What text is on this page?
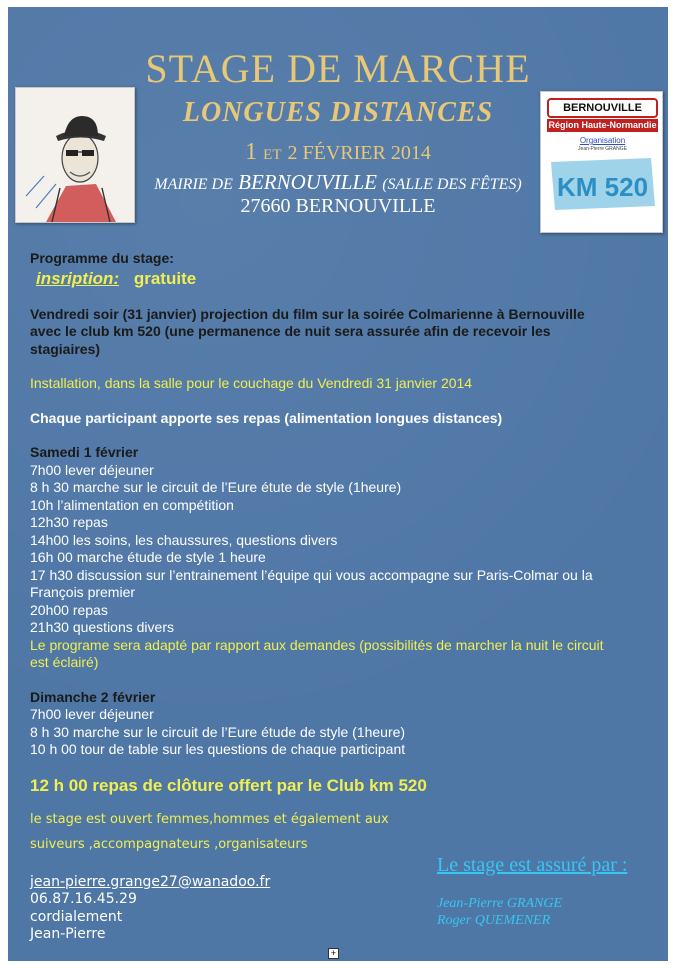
STAGE DE MARCHE
LONGUES DISTANCES
1 ET 2 FÉVRIER 2014
MAIRIE DE BERNOUVILLE (SALLE DES FÊTES)
27660 BERNOUVILLE
BERNOUVILLE
Région Haute-Normandie
Organisation
Jean-Pierre GRANGE
KM 520
Programme du stage:
insription: gratuite
Vendredi soir (31 janvier) projection du film sur la soirée Colmarienne à Bernouville
avec le club km 520 (une permanence de nuit sera assurée afin de recevoir les
stagiaires)
Installation, dans la salle pour le couchage du Vendredi 31 janvier 2014
Chaque participant apporte ses repas (alimentation longues distances)
Samedi 1 février
7h00 lever déjeuner
8 h 30 marche sur le circuit de l’Eure étute de style (1heure)
10h l’alimentation en compétition
12h30 repas
14h00 les soins, les chaussures, questions divers
16h 00 marche étude de style 1 heure
17 h30 discussion sur l’entrainement l’équipe qui vous accompagne sur Paris-Colmar ou la
François premier
20h00 repas
21h30 questions divers
Le programe sera adapté par rapport aux demandes (possibilités de marcher la nuit le circuit
est éclairé)
Dimanche 2 février
7h00 lever déjeuner
8 h 30 marche sur le circuit de l’Eure étude de style (1heure)
10 h 00 tour de table sur les questions de chaque participant
12 h 00 repas de clôture offert par le Club km 520
le stage est ouvert femmes,hommes et également aux
suiveurs ,accompagnateurs ,organisateurs
jean-pierre.grange27@wanadoo.fr
06.87.16.45.29
cordialement
Jean-Pierre
Le stage est assuré par :
Jean-Pierre GRANGE
Roger QUEMENER
+
